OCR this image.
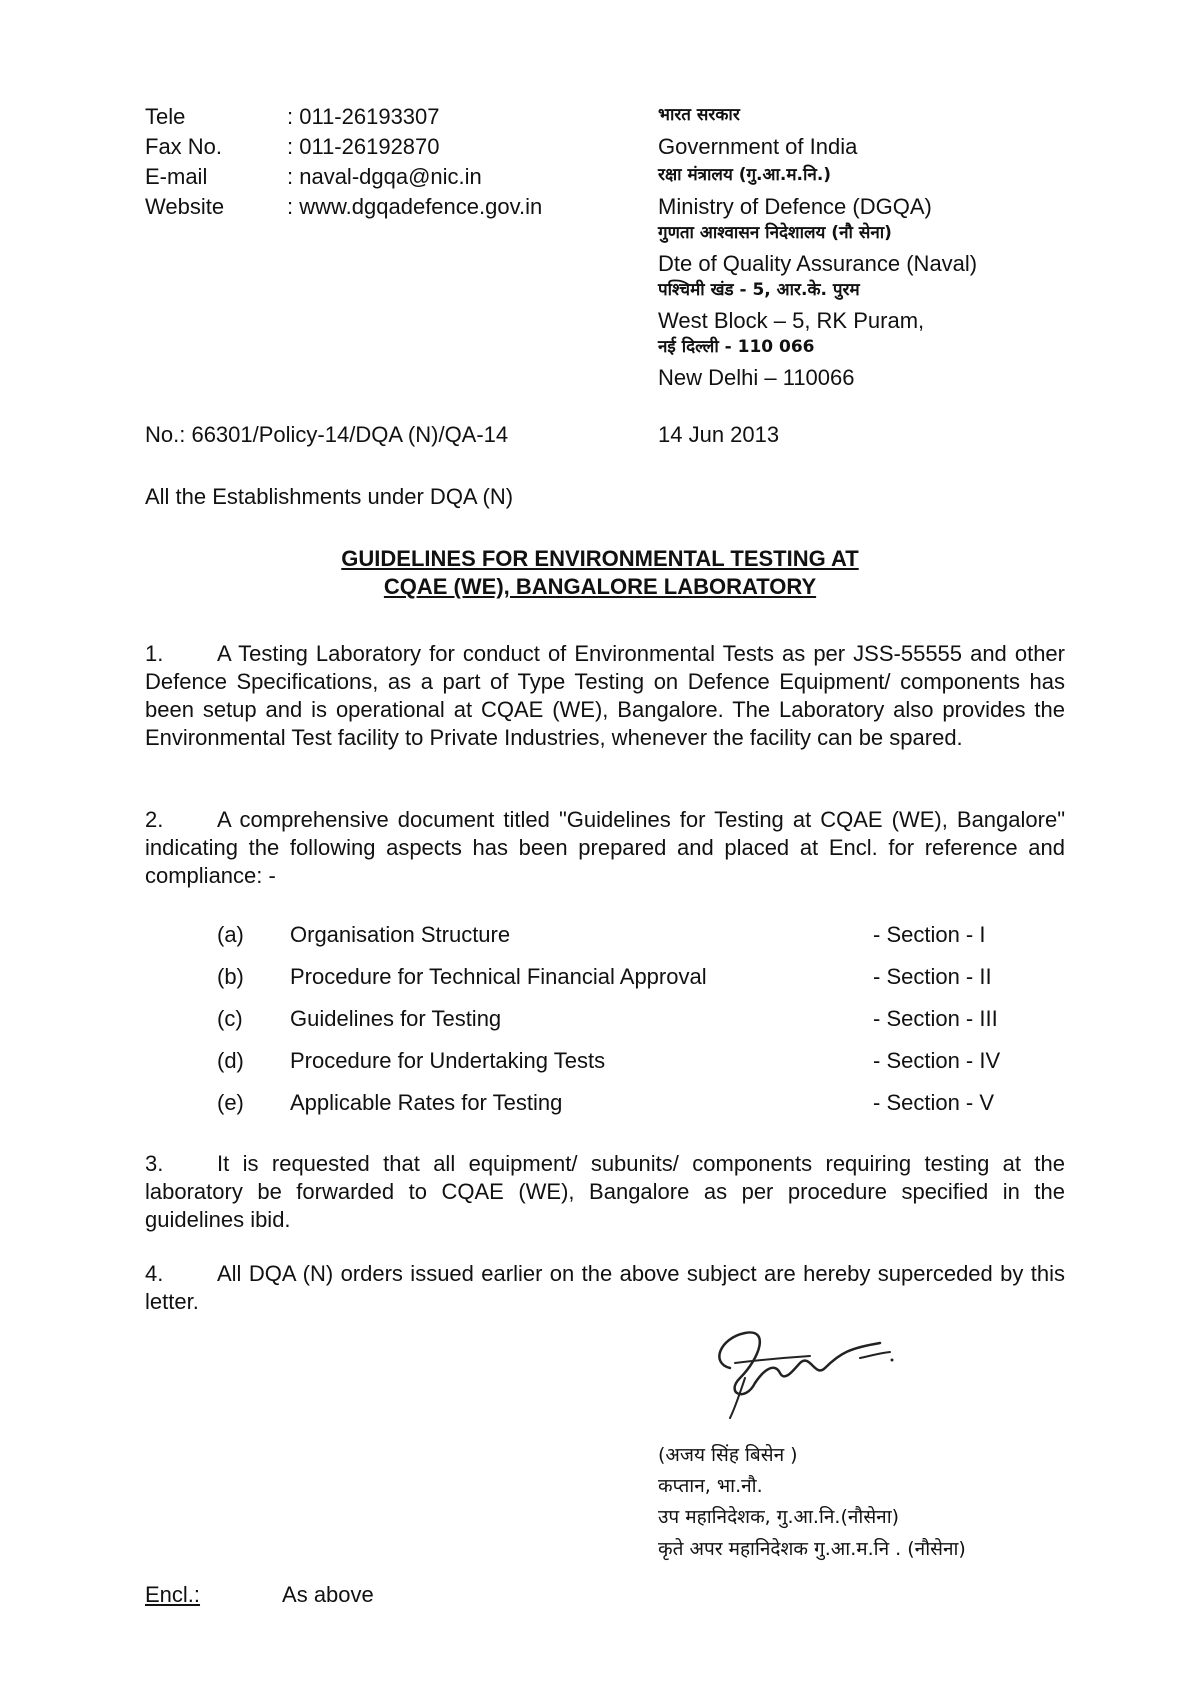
Tele	: 011-26193307
Fax No.	: 011-26192870
E-mail	: naval-dgqa@nic.in
Website	: www.dgqadefence.gov.in
भारत सरकार
Government of India
रक्षा मंत्रालय (गु.आ.म.नि.)
Ministry of Defence (DGQA)
गुणता आश्वासन निदेशालय (नौ सेना)
Dte of Quality Assurance (Naval)
पश्चिमी खंड - 5, आर.के. पुरम
West Block – 5, RK Puram,
नई दिल्ली - 110 066
New Delhi – 110066
No.: 66301/Policy-14/DQA (N)/QA-14	14 Jun 2013
All the Establishments under DQA (N)
GUIDELINES FOR ENVIRONMENTAL TESTING AT
CQAE (WE), BANGALORE LABORATORY
1. A Testing Laboratory for conduct of Environmental Tests as per JSS-55555 and other Defence Specifications, as a part of Type Testing on Defence Equipment/ components has been setup and is operational at CQAE (WE), Bangalore. The Laboratory also provides the Environmental Test facility to Private Industries, whenever the facility can be spared.
2. A comprehensive document titled "Guidelines for Testing at CQAE (WE), Bangalore" indicating the following aspects has been prepared and placed at Encl. for reference and compliance: -
(a) Organisation Structure	- Section - I
(b) Procedure for Technical Financial Approval	- Section - II
(c) Guidelines for Testing	- Section - III
(d) Procedure for Undertaking Tests	- Section - IV
(e) Applicable Rates for Testing	- Section - V
3. It is requested that all equipment/ subunits/ components requiring testing at the laboratory be forwarded to CQAE (WE), Bangalore as per procedure specified in the guidelines ibid.
4. All DQA (N) orders issued earlier on the above subject are hereby superceded by this letter.
(अजय सिंह बिसेन )
कप्तान, भा.नौ.
उप महानिदेशक, गु.आ.नि.(नौसेना)
कृते अपर महानिदेशक गु.आ.म.नि . (नौसेना)
Encl.:	As above
